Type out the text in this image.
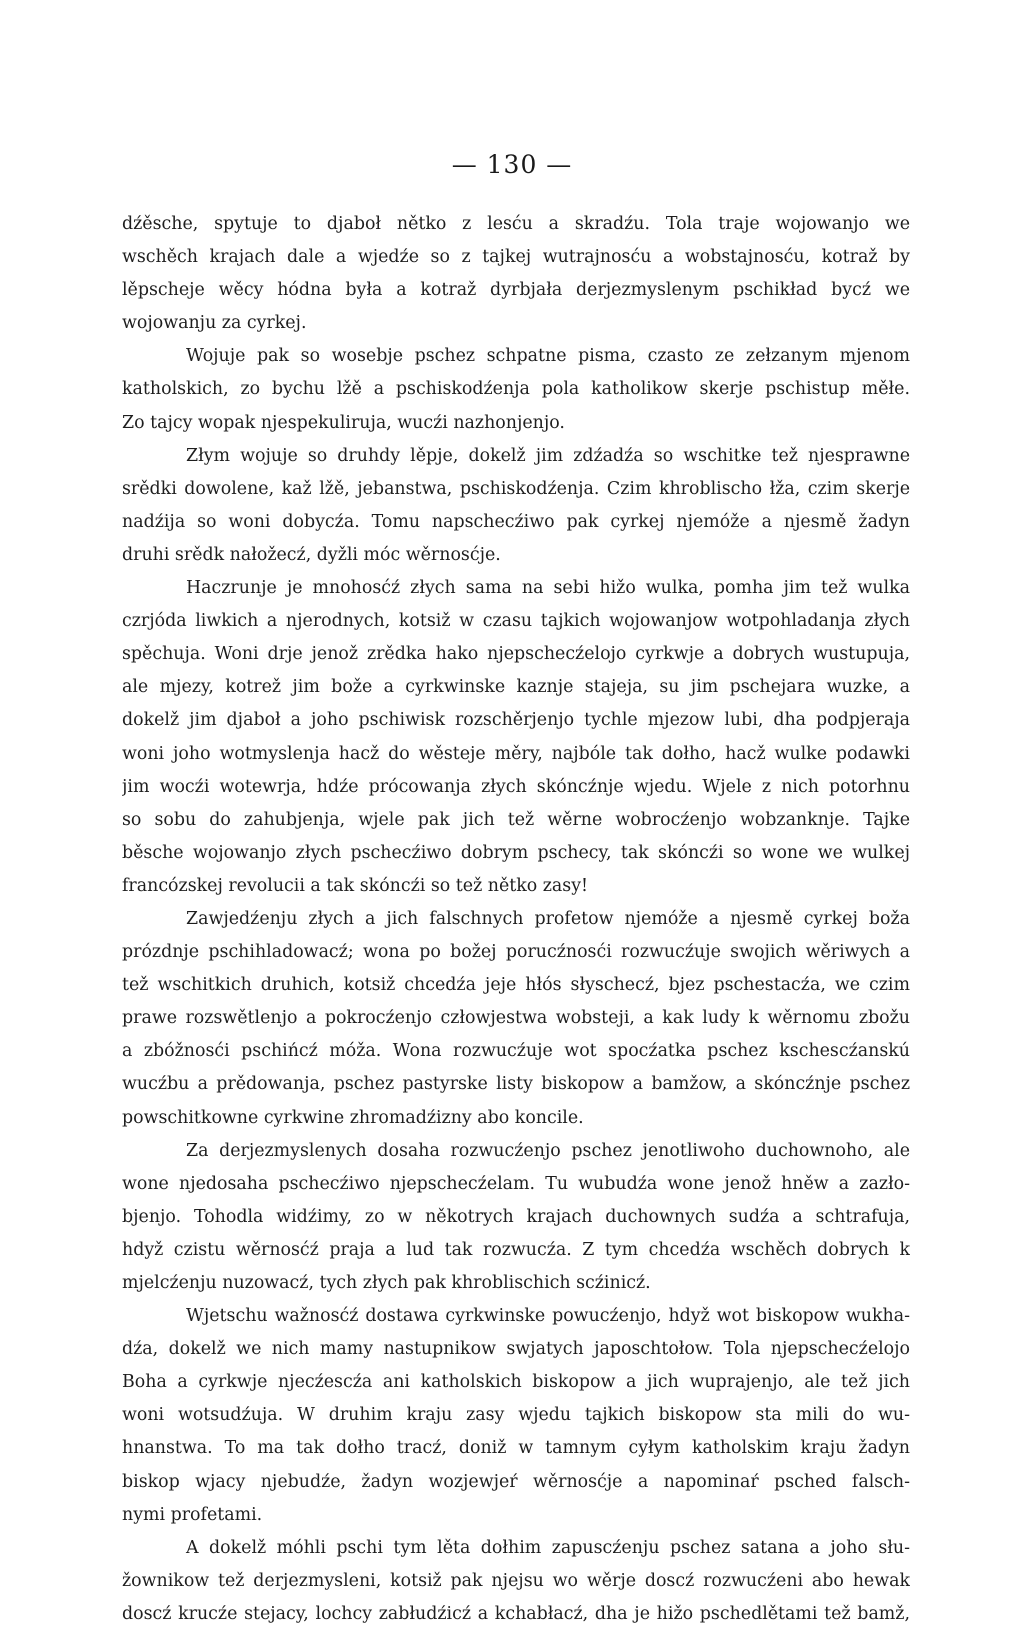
— 130 —
dźěsche, spytuje to djaboł nětko z lesću a skradźu. Tola traje wojowanjo we
wschěch krajach dale a wjedźe so z tajkej wutrajnosću a wobstajnosću, kotraž by
lěpscheje wěcy hódna była a kotraž dyrbjała derjezmyslenym pschikład bycź we
wojowanju za cyrkej.
Wojuje pak so wosebje pschez schpatne pisma, czasto ze zełzanym mjenom
katholskich, zo bychu lžě a pschiskodźenja pola katholikow skerje pschistup měłe.
Zo tajcy wopak njespekuliruja, wucźi nazhonjenjo.
Złym wojuje so druhdy lěpje, dokelž jim zdźadźa so wschitke tež njesprawne
srědki dowolene, kaž lžě, jebanstwa, pschiskodźenja. Czim khroblischo łža, czim skerje
nadźija so woni dobycźa. Tomu napschecźiwo pak cyrkej njemóže a njesmě žadyn
druhi srědk nałožecź, dyžli móc wěrnosćje.
Haczrunje je mnohosćź złych sama na sebi hižo wulka, pomha jim tež wulka
czrjóda liwkich a njerodnych, kotsiž w czasu tajkich wojowanjow wotpohladanja złych
spěchuja. Woni drje jenož zrědka hako njepschecźelojo cyrkwje a dobrych wustupuja,
ale mjezy, kotrež jim bože a cyrkwinske kaznje stajeja, su jim pschejara wuzke, a
dokelž jim djaboł a joho pschiwisk rozschěrjenjo tychle mjezow lubi, dha podpjeraja
woni joho wotmyslenja hacž do wěsteje měry, najbóle tak dołho, hacž wulke podawki
jim wocźi wotewrja, hdźe prócowanja złych skóncźnje wjedu. Wjele z nich potorhnu
so sobu do zahubjenja, wjele pak jich tež wěrne wobrocźenjo wobzanknje. Tajke
běsche wojowanjo złych pschecźiwo dobrym pschecy, tak skóncźi so wone we wulkej
francózskej revolucii a tak skóncźi so tež nětko zasy!
Zawjedźenju złych a jich falschnych profetow njemóže a njesmě cyrkej boža
prózdnje pschihladowacź; wona po božej porucźnosći rozwucźuje swojich wěriwych a
tež wschitkich druhich, kotsiž chcedźa jeje hłós słyschecź, bjez pschestacźa, we czim
prawe rozswětlenjo a pokrocźenjo człowjestwa wobsteji, a kak ludy k wěrnomu zbožu
a zbóžnosći pschińcź móža. Wona rozwucźuje wot spocźatka pschez kschescźanskú
wucźbu a prědowanja, pschez pastyrske listy biskopow a bamžow, a skóncźnje pschez
powschitkowne cyrkwine zhromadźizny abo koncile.
Za derjezmyslenych dosaha rozwucźenjo pschez jenotliwoho duchownoho, ale
wone njedosaha pschecźiwo njepschecźelam. Tu wubudźa wone jenož hněw a zazło-
bjenjo. Tohodla widźimy, zo w někotrych krajach duchownych sudźa a schtrafuja,
hdyž czistu wěrnosćź praja a lud tak rozwucźa. Z tym chcedźa wschěch dobrych k
mjelcźenju nuzowacź, tych złych pak khroblischich scźinicź.
Wjetschu wažnosćź dostawa cyrkwinske powucźenjo, hdyž wot biskopow wukha-
dźa, dokelž we nich mamy nastupnikow swjatych japoschtołow. Tola njepschecźelojo
Boha a cyrkwje njecźescźa ani katholskich biskopow a jich wuprajenjo, ale tež jich
woni wotsudźuja. W druhim kraju zasy wjedu tajkich biskopow sta mili do wu-
hnanstwa. To ma tak dołho tracź, doniž w tamnym cyłym katholskim kraju žadyn
biskop wjacy njebudźe, žadyn wozjewjeŕ wěrnosćje a napominaŕ psched falsch-
nymi profetami.
A dokelž móhli pschi tym lěta dołhim zapuscźenju pschez satana a joho słu-
žownikow tež derjezmysleni, kotsiž pak njejsu wo wěrje doscź rozwucźeni abo hewak
doscź krucźe stejacy, lochcy zabłudźicź a kchabłacź, dha je hižo pschedlětami tež bamž,
